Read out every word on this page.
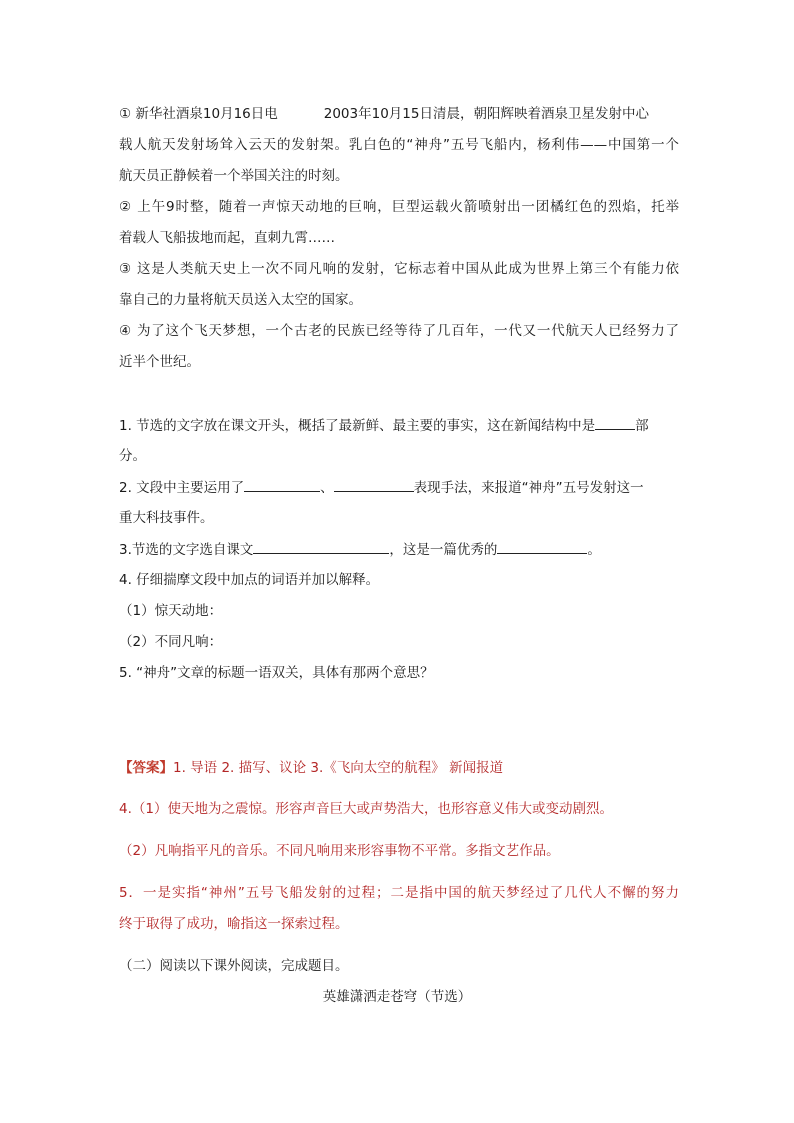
① 新华社酒泉10月16日电	2003年10月15日清晨，朝阳辉映着酒泉卫星发射中心
载人航天发射场耸入云天的发射架。乳白色的“神舟”五号飞船内，杨利伟——中国第一个
航天员正静候着一个举国关注的时刻。
② 上午9时整，随着一声惊天动地的巨响，巨型运载火箭喷射出一团橘红色的烈焰，托举
着载人飞船拔地而起，直刺九霄……
③ 这是人类航天史上一次不同凡响的发射，它标志着中国从此成为世界上第三个有能力依
靠自己的力量将航天员送入太空的国家。
④ 为了这个飞天梦想，一个古老的民族已经等待了几百年，一代又一代航天人已经努力了
近半个世纪。
1. 节选的文字放在课文开头，概括了最新鲜、最主要的事实，这在新闻结构中是	部
分。
2. 文段中主要运用了	、	表现手法，来报道“神舟”五号发射这一
重大科技事件。
3.节选的文字选自课文	，这是一篇优秀的	。
4. 仔细揣摩文段中加点的词语并加以解释。
（1）惊天动地：
（2）不同凡响：
5. “神舟”文章的标题一语双关，具体有那两个意思？
【答案】1. 导语 2. 描写、议论 3.《飞向太空的航程》 新闻报道
4.（1）使天地为之震惊。形容声音巨大或声势浩大，也形容意义伟大或变动剧烈。
（2）凡响指平凡的音乐。不同凡响用来形容事物不平常。多指文艺作品。
5．一是实指“神州”五号飞船发射的过程；二是指中国的航天梦经过了几代人不懈的努力
终于取得了成功，喻指这一探索过程。
（二）阅读以下课外阅读，完成题目。
英雄潇洒走苍穹（节选）
